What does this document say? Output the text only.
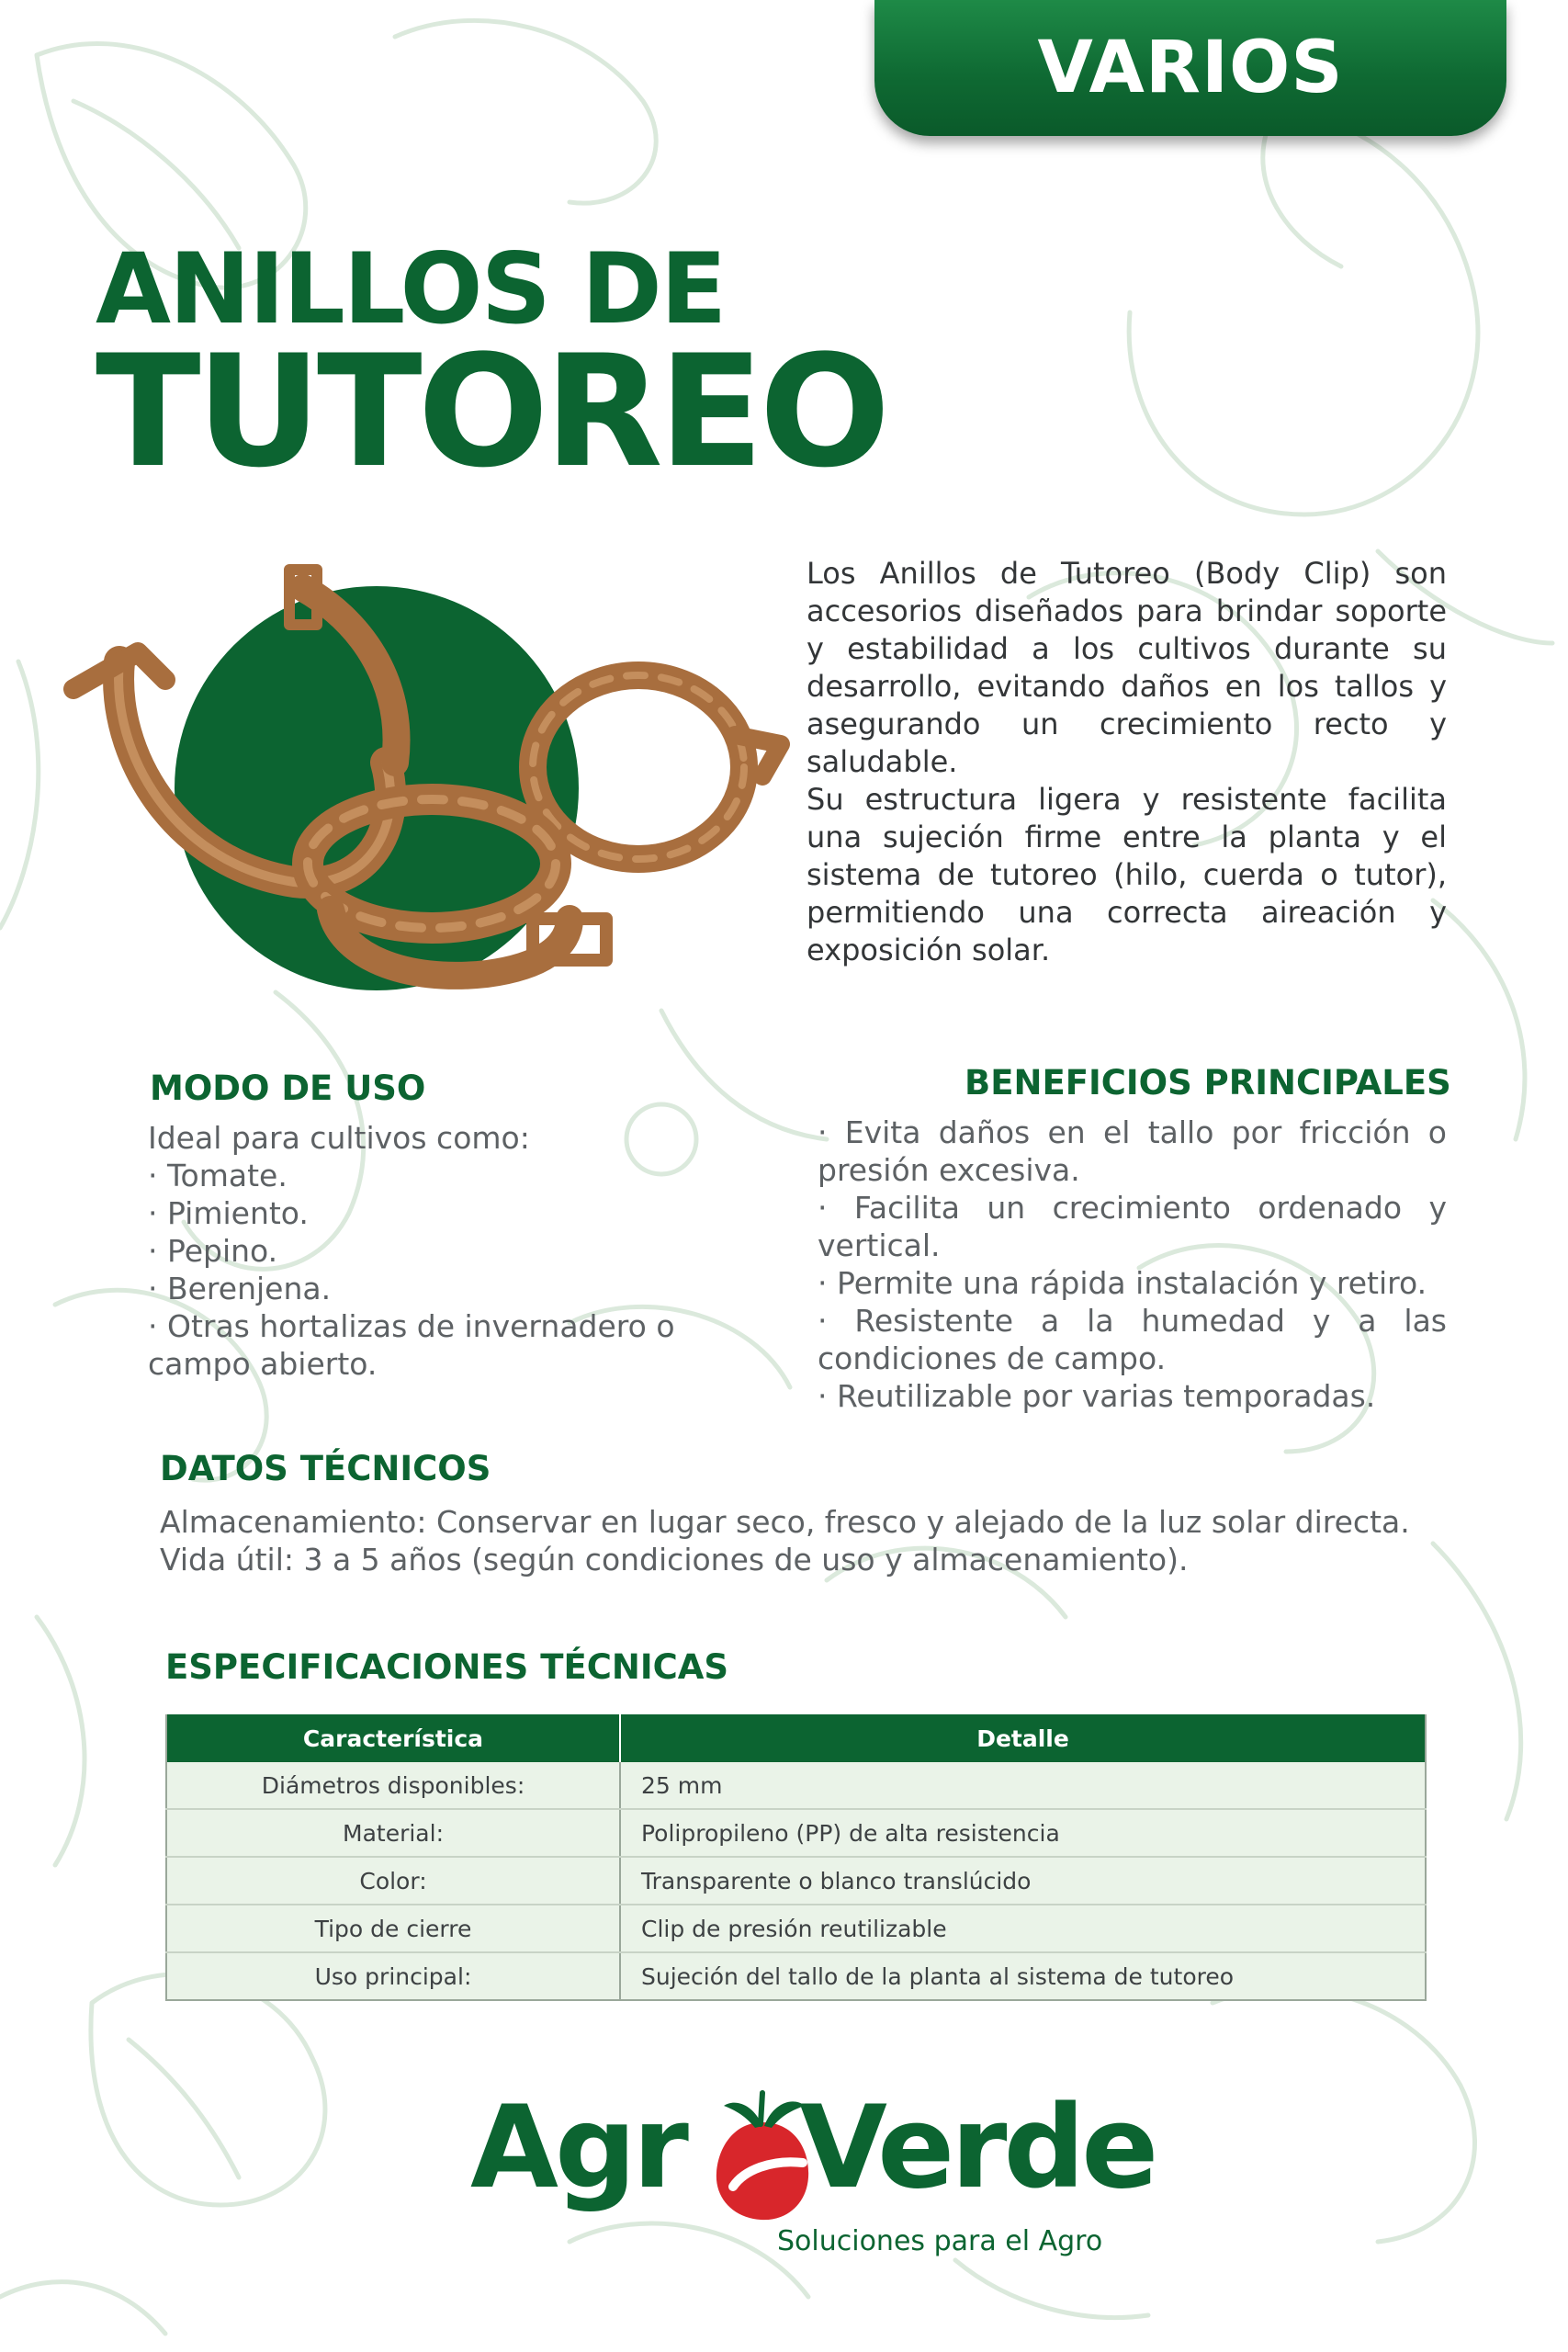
VARIOS
ANILLOS DE
TUTOREO

Los Anillos de Tutoreo (Body Clip) son accesorios diseñados para brindar soporte y estabilidad a los cultivos durante su desarrollo, evitando daños en los tallos y asegurando un crecimiento recto y saludable.

Su estructura ligera y resistente facilita una sujeción firme entre la planta y el sistema de tutoreo (hilo, cuerda o tutor), permitiendo una correcta aireación y exposición solar.

MODO DE USO
Ideal para cultivos como:
· Tomate.
· Pimiento.
· Pepino.
· Berenjena.
· Otras hortalizas de invernadero o campo abierto.
BENEFICIOS PRINCIPALES
· Evita daños en el tallo por fricción o presión excesiva.
· Facilita un crecimiento ordenado y vertical.
· Permite una rápida instalación y retiro.
· Resistente a la humedad y a las condiciones de campo.
· Reutilizable por varias temporadas.
DATOS TÉCNICOS
Almacenamiento: Conservar en lugar seco, fresco y alejado de la luz solar directa.
Vida útil: 3 a 5 años (según condiciones de uso y almacenamiento).
ESPECIFICACIONES TÉCNICAS
Característica	Detalle
Diámetros disponibles:	25 mm
Material:	Polipropileno (PP) de alta resistencia
Color:	Transparente o blanco translúcido
Tipo de cierre	Clip de presión reutilizable
Uso principal:	Sujeción del tallo de la planta al sistema de tutoreo
Agr Verde
Soluciones para el Agro
